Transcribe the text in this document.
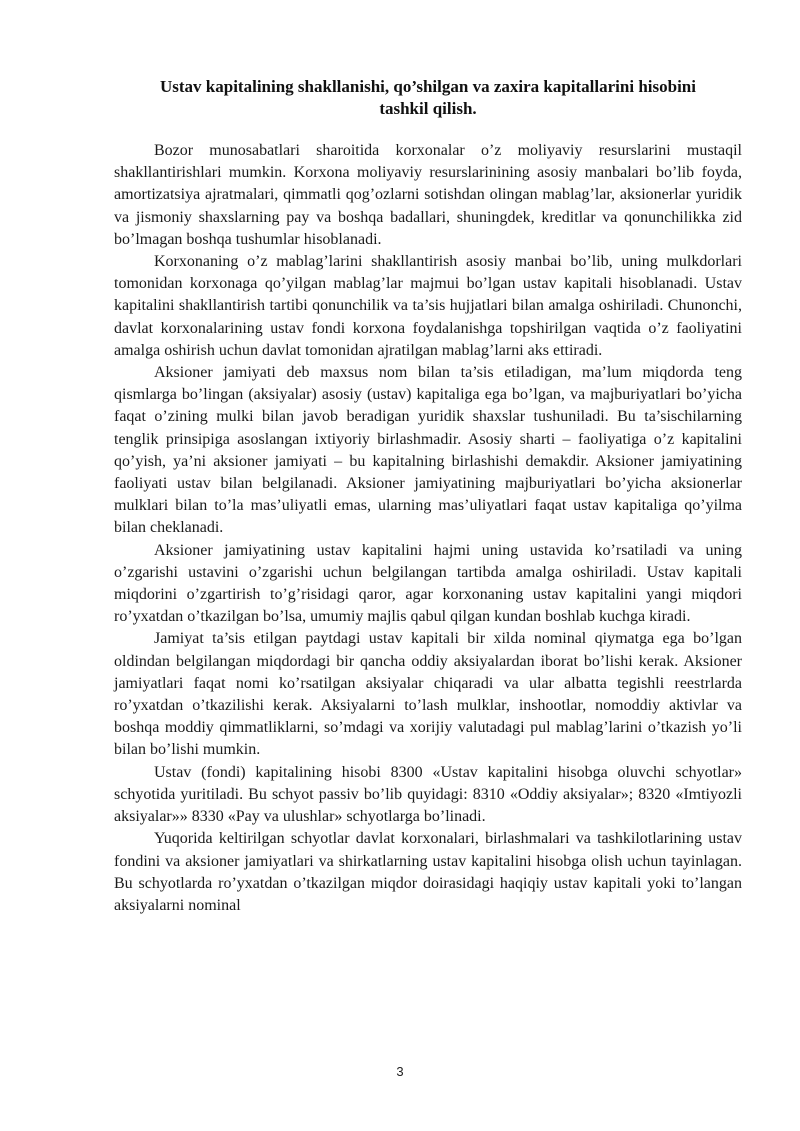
Ustav kapitalining shakllanishi, qo’shilgan va zaxira kapitallarini hisobini
tashkil qilish.

Bozor munosabatlari sharoitida korxonalar o’z moliyaviy resurslarini mustaqil shakllantirishlari mumkin. Korxona moliyaviy resurslarinining asosiy manbalari bo’lib foyda, amortizatsiya ajratmalari, qimmatli qog’ozlarni sotishdan olingan mablag’lar, aksionerlar yuridik va jismoniy shaxslarning pay va boshqa badallari, shuningdek, kreditlar va qonunchilikka zid bo’lmagan boshqa tushumlar hisoblanadi.

Korxonaning o’z mablag’larini shakllantirish asosiy manbai bo’lib, uning mulkdorlari tomonidan korxonaga qo’yilgan mablag’lar majmui bo’lgan ustav kapitali hisoblanadi. Ustav kapitalini shakllantirish tartibi qonunchilik va ta’sis hujjatlari bilan amalga oshiriladi. Chunonchi, davlat korxonalarining ustav fondi korxona foydalanishga topshirilgan vaqtida o’z faoliyatini amalga oshirish uchun davlat tomonidan ajratilgan mablag’larni aks ettiradi.

Aksioner jamiyati deb maxsus nom bilan ta’sis etiladigan, ma’lum miqdorda teng qismlarga bo’lingan (aksiyalar) asosiy (ustav) kapitaliga ega bo’lgan, va majburiyatlari bo’yicha faqat o’zining mulki bilan javob beradigan yuridik shaxslar tushuniladi. Bu ta’sischilarning tenglik prinsipiga asoslangan ixtiyoriy birlashmadir. Asosiy sharti – faoliyatiga o’z kapitalini qo’yish, ya’ni aksioner jamiyati – bu kapitalning birlashishi demakdir. Aksioner jamiyatining faoliyati ustav bilan belgilanadi. Aksioner jamiyatining majburiyatlari bo’yicha aksionerlar mulklari bilan to’la mas’uliyatli emas, ularning mas’uliyatlari faqat ustav kapitaliga qo’yilma bilan cheklanadi.

Aksioner jamiyatining ustav kapitalini hajmi uning ustavida ko’rsatiladi va uning o’zgarishi ustavini o’zgarishi uchun belgilangan tartibda amalga oshiriladi. Ustav kapitali miqdorini o’zgartirish to’g’risidagi qaror, agar korxonaning ustav kapitalini yangi miqdori ro’yxatdan o’tkazilgan bo’lsa, umumiy majlis qabul qilgan kundan boshlab kuchga kiradi.

Jamiyat ta’sis etilgan paytdagi ustav kapitali bir xilda nominal qiymatga ega bo’lgan oldindan belgilangan miqdordagi bir qancha oddiy aksiyalardan iborat bo’lishi kerak. Aksioner jamiyatlari faqat nomi ko’rsatilgan aksiyalar chiqaradi va ular albatta tegishli reestrlarda ro’yxatdan o’tkazilishi kerak. Aksiyalarni to’lash mulklar, inshootlar, nomoddiy aktivlar va boshqa moddiy qimmatliklarni, so’mdagi va xorijiy valutadagi pul mablag’larini o’tkazish yo’li bilan bo’lishi mumkin.

Ustav (fondi) kapitalining hisobi 8300 «Ustav kapitalini hisobga oluvchi schyotlar» schyotida yuritiladi. Bu schyot passiv bo’lib quyidagi: 8310 «Oddiy aksiyalar»; 8320 «Imtiyozli aksiyalar»» 8330 «Pay va ulushlar» schyotlarga bo’linadi.

Yuqorida keltirilgan schyotlar davlat korxonalari, birlashmalari va tashkilotlarining ustav fondini va aksioner jamiyatlari va shirkatlarning ustav kapitalini hisobga olish uchun tayinlagan. Bu schyotlarda ro’yxatdan o’tkazilgan miqdor doirasidagi haqiqiy ustav kapitali yoki to’langan aksiyalarni nominal

3
